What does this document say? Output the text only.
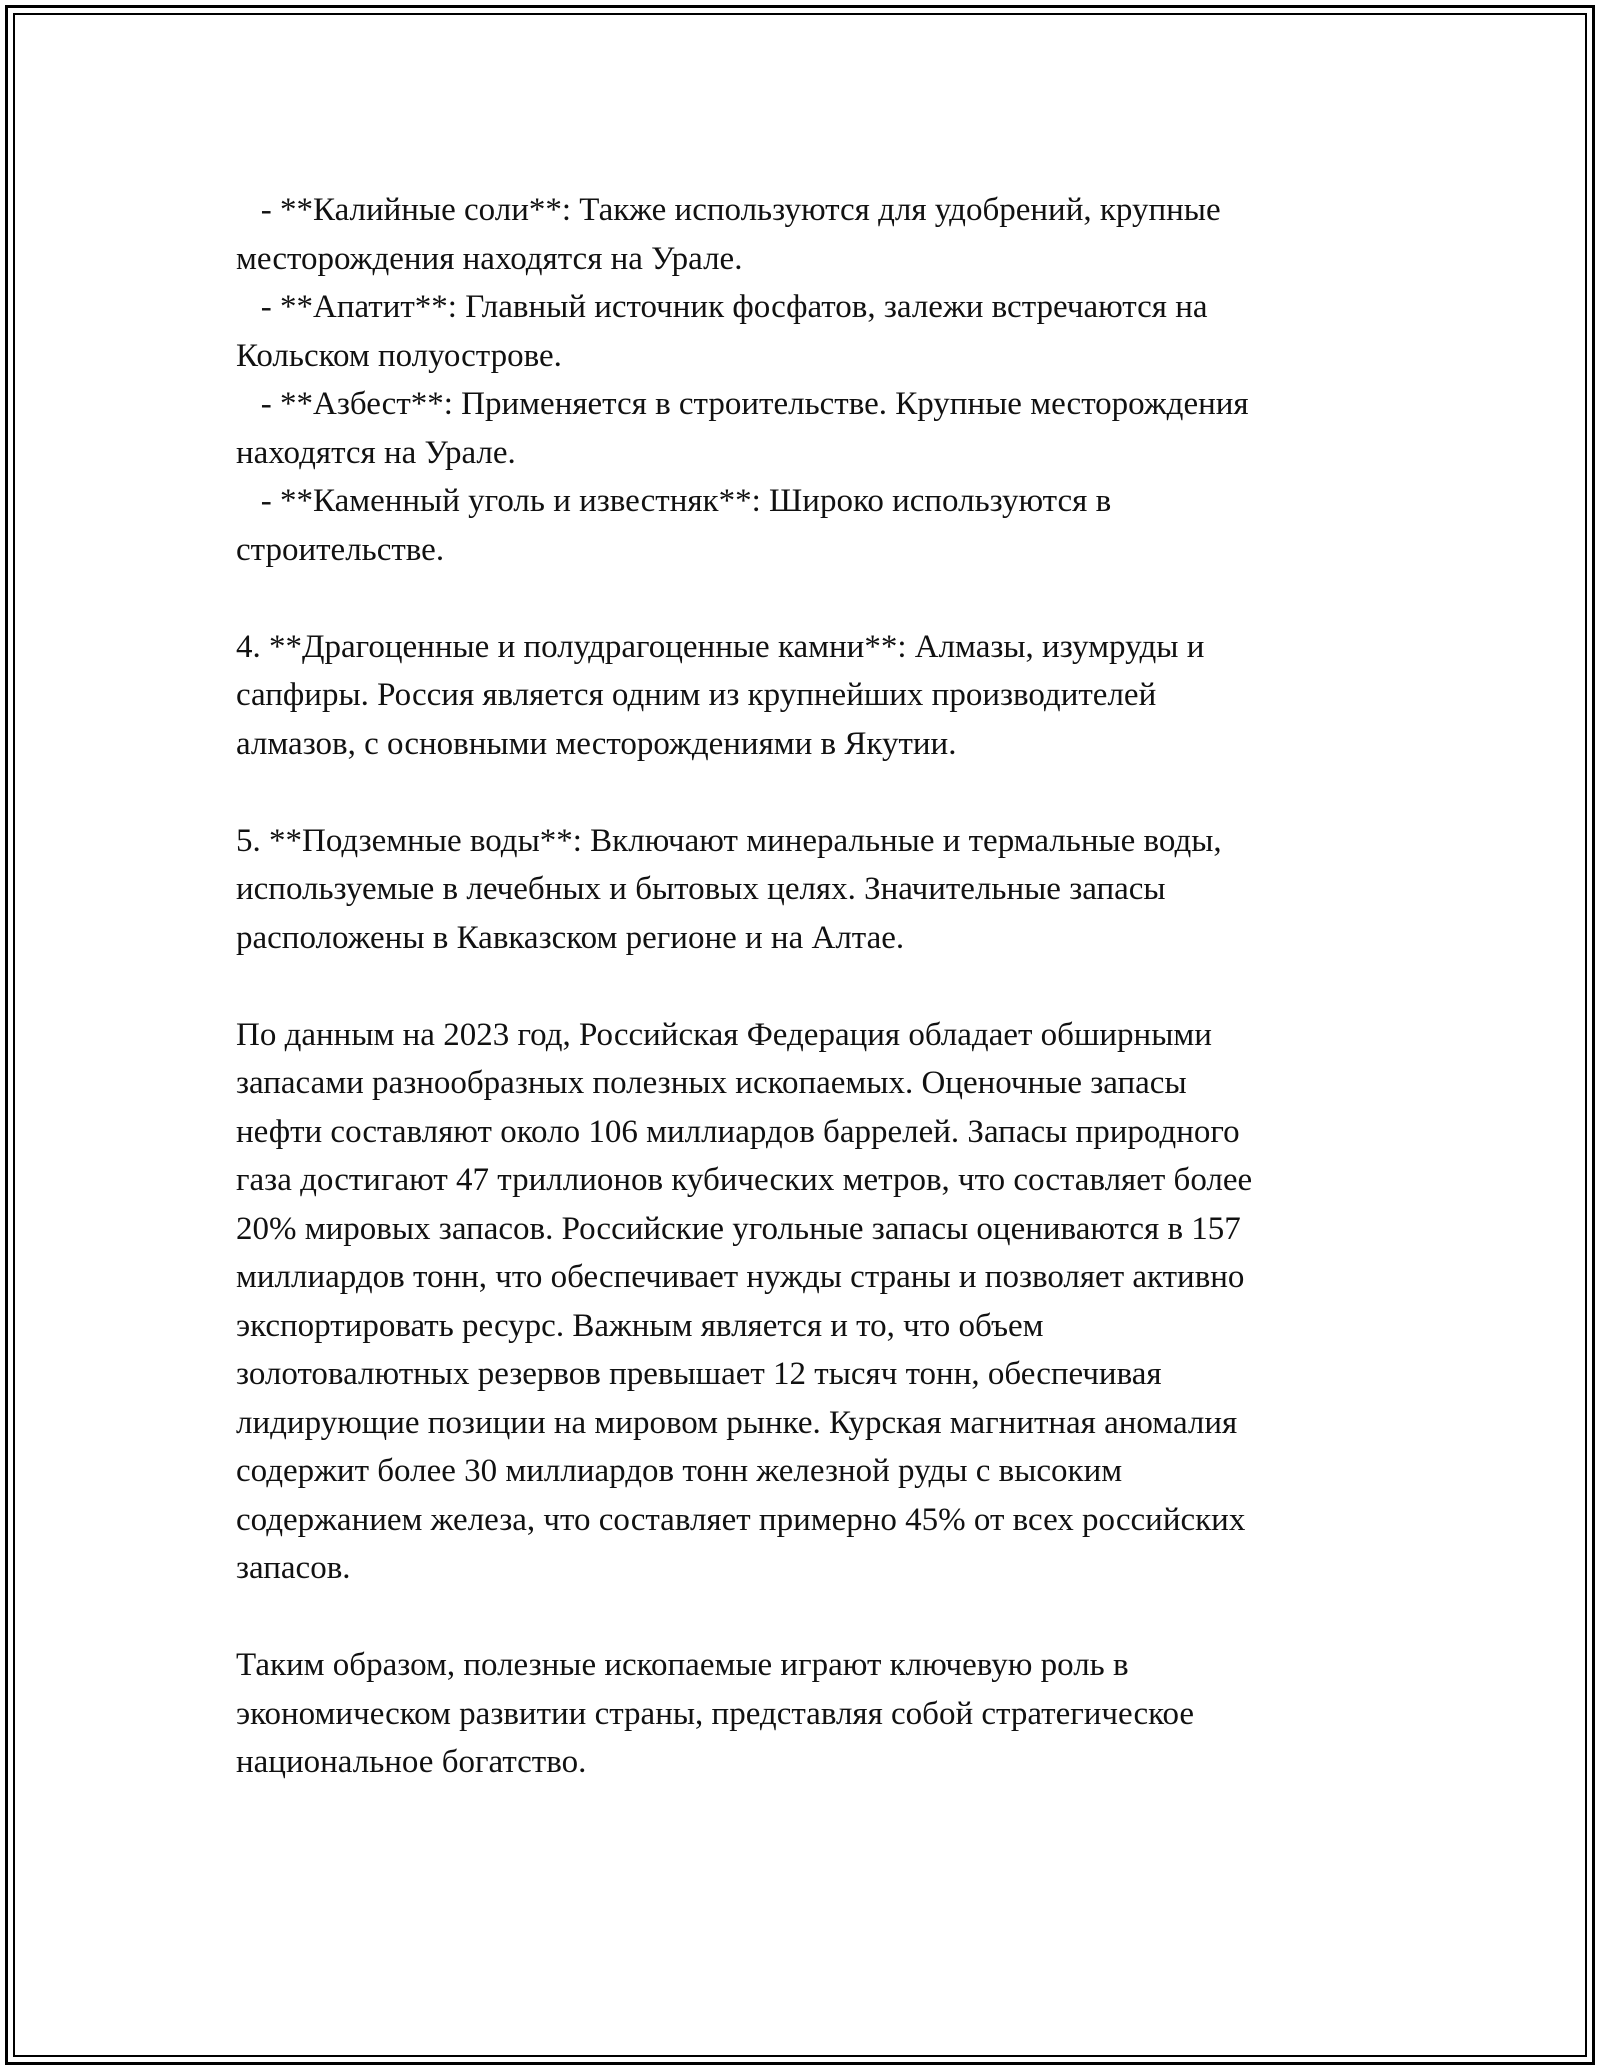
- **Калийные соли**: Также используются для удобрений, крупные
месторождения находятся на Урале.
- **Апатит**: Главный источник фосфатов, залежи встречаются на
Кольском полуострове.
- **Азбест**: Применяется в строительстве. Крупные месторождения
находятся на Урале.
- **Каменный уголь и известняк**: Широко используются в
строительстве.
4. **Драгоценные и полудрагоценные камни**: Алмазы, изумруды и
сапфиры. Россия является одним из крупнейших производителей
алмазов, с основными месторождениями в Якутии.
5. **Подземные воды**: Включают минеральные и термальные воды,
используемые в лечебных и бытовых целях. Значительные запасы
расположены в Кавказском регионе и на Алтае.
По данным на 2023 год, Российская Федерация обладает обширными
запасами разнообразных полезных ископаемых. Оценочные запасы
нефти составляют около 106 миллиардов баррелей. Запасы природного
газа достигают 47 триллионов кубических метров, что составляет более
20% мировых запасов. Российские угольные запасы оцениваются в 157
миллиардов тонн, что обеспечивает нужды страны и позволяет активно
экспортировать ресурс. Важным является и то, что объем
золотовалютных резервов превышает 12 тысяч тонн, обеспечивая
лидирующие позиции на мировом рынке. Курская магнитная аномалия
содержит более 30 миллиардов тонн железной руды с высоким
содержанием железа, что составляет примерно 45% от всех российских
запасов.
Таким образом, полезные ископаемые играют ключевую роль в
экономическом развитии страны, представляя собой стратегическое
национальное богатство.
